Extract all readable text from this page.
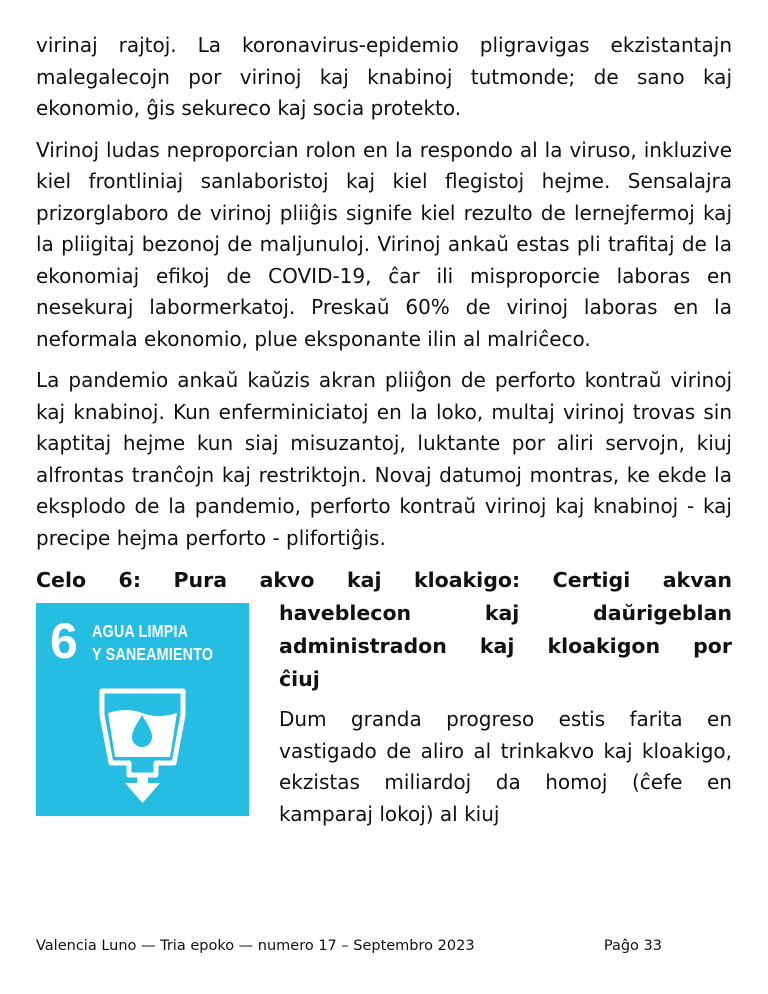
virinaj rajtoj. La koronavirus-epidemio pligravigas ekzistantajn malegalecojn por virinoj kaj knabinoj tutmonde; de sano kaj ekonomio, ĝis sekureco kaj socia protekto.

Virinoj ludas neproporcian rolon en la respondo al la viruso, inkluzive kiel frontliniaj sanlaboristoj kaj kiel flegistoj hejme. Sensalajra prizorglaboro de virinoj pliiĝis signife kiel rezulto de lernejfermoj kaj la pliigitaj bezonoj de maljunuloj. Virinoj ankaŭ estas pli trafitaj de la ekonomiaj efikoj de COVID-19, ĉar ili misproporcie laboras en nesekuraj labormerkatoj. Preskaŭ 60% de virinoj laboras en la neformala ekonomio, plue eksponante ilin al malriĉeco.

La pandemio ankaŭ kaŭzis akran pliiĝon de perforto kontraŭ virinoj kaj knabinoj. Kun enferminiciatoj en la loko, multaj virinoj trovas sin kaptitaj hejme kun siaj misuzantoj, luktante por aliri servojn, kiuj alfrontas tranĉojn kaj restriktojn. Novaj datumoj montras, ke ekde la eksplodo de la pandemio, perforto kontraŭ virinoj kaj knabinoj - kaj precipe hejma perforto - plifortiĝis.

Celo 6: Pura akvo kaj kloakigo: Certigi akvan
6 AGUA LIMPIA
Y SANEAMIENTO
haveblecon kaj daŭrigeblan
administradon kaj kloakigon por
ĉiuj

Dum granda progreso estis farita en vastigado de aliro al trinkakvo kaj kloakigo, ekzistas miliardoj da homoj (ĉefe en kamparaj lokoj) al kiuj

Valencia Luno — Tria epoko — numero 17 – Septembro 2023	Paĝo 33
